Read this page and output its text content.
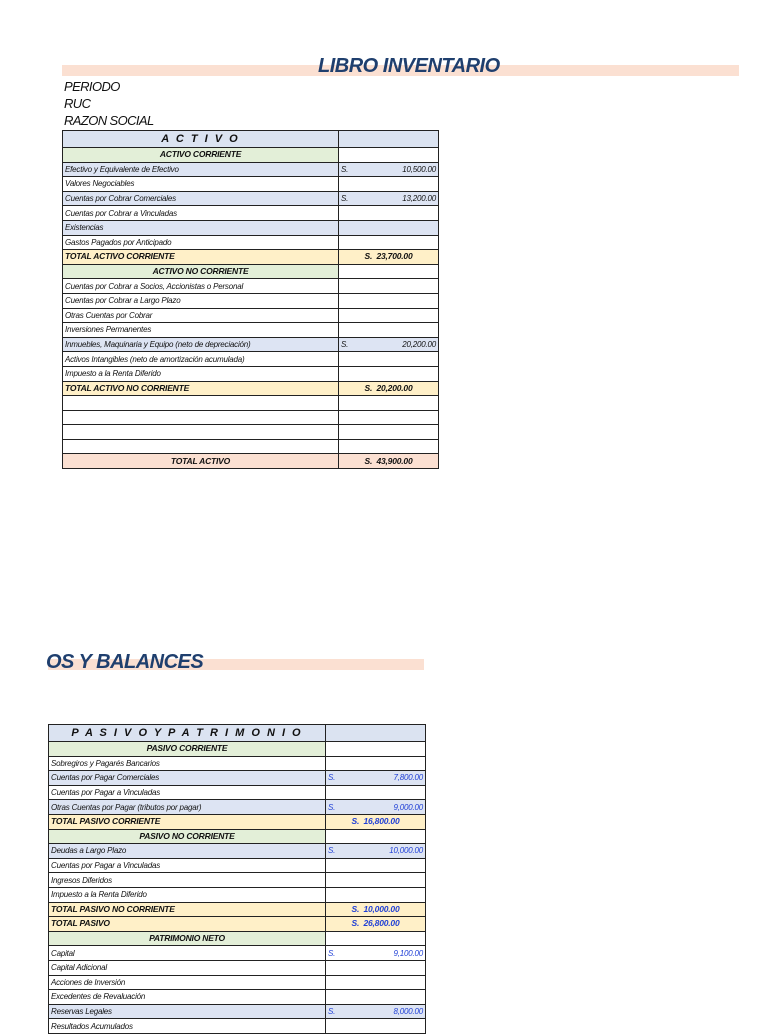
LIBRO INVENTARIO
PERIODO
RUC
RAZON SOCIAL
A C T I V O	
ACTIVO CORRIENTE	
Efectivo y Equivalente de Efectivo	S. 10,500.00

Valores Negociables	
Cuentas por Cobrar Comerciales	S. 13,200.00

Cuentas por Cobrar a Vinculadas	
Existencias	
Gastos Pagados por Anticipado	
TOTAL ACTIVO CORRIENTE	S. 23,700.00

ACTIVO NO CORRIENTE	
Cuentas por Cobrar a Socios, Accionistas o Personal	
Cuentas por Cobrar a Largo Plazo	
Otras Cuentas por Cobrar	
Inversiones Permanentes	
Inmuebles, Maquinaria y Equipo (neto de depreciación)	S. 20,200.00

Activos Intangibles (neto de amortización acumulada)	
Impuesto a la Renta Diferido	
TOTAL ACTIVO NO CORRIENTE	S. 20,200.00

TOTAL ACTIVO	S. 43,900.00
OS Y BALANCES
P A S I V O Y P A T R I M O N I O	
PASIVO CORRIENTE	
Sobregiros y Pagarés Bancarios	
Cuentas por Pagar Comerciales	S. 7,800.00

Cuentas por Pagar a Vinculadas	
Otras Cuentas por Pagar (tributos por pagar)	S. 9,000.00

TOTAL PASIVO CORRIENTE	S. 16,800.00

PASIVO NO CORRIENTE	
Deudas a Largo Plazo	S. 10,000.00

Cuentas por Pagar a Vinculadas	
Ingresos Diferidos	
Impuesto a la Renta Diferido	
TOTAL PASIVO NO CORRIENTE	S. 10,000.00

TOTAL PASIVO	S. 26,800.00

PATRIMONIO NETO	
Capital	S. 9,100.00

Capital Adicional	
Acciones de Inversión	
Excedentes de Revaluación	
Reservas Legales	S. 8,000.00

Resultados Acumulados	
